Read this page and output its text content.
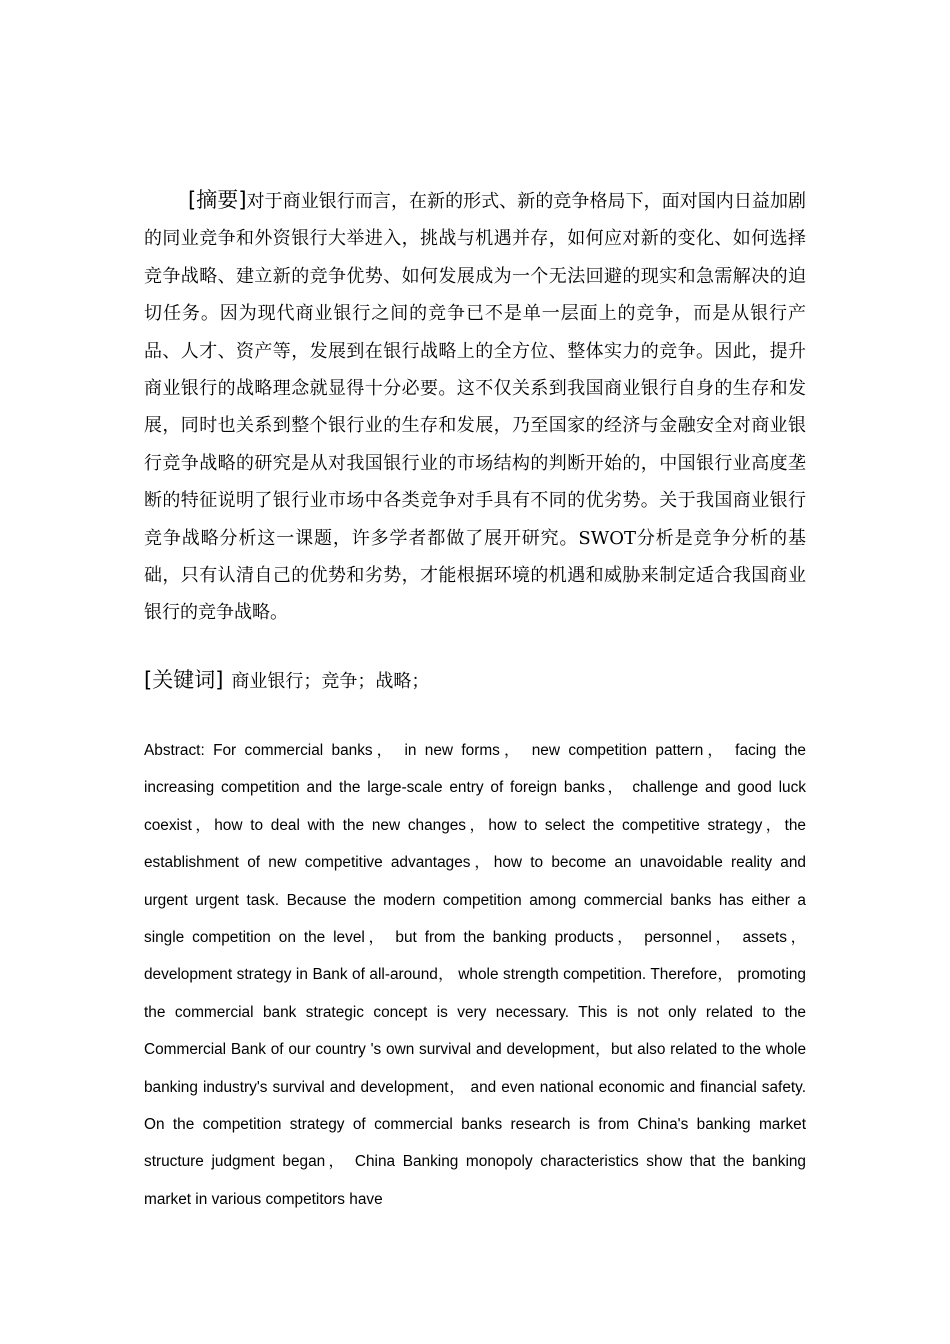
[摘要]对于商业银行而言，在新的形式、新的竞争格局下，面对国内日益加剧的同业竞争和外资银行大举进入，挑战与机遇并存，如何应对新的变化、如何选择竞争战略、建立新的竞争优势、如何发展成为一个无法回避的现实和急需解决的迫切任务。因为现代商业银行之间的竞争已不是单一层面上的竞争，而是从银行产品、人才、资产等，发展到在银行战略上的全方位、整体实力的竞争。因此，提升商业银行的战略理念就显得十分必要。这不仅关系到我国商业银行自身的生存和发展，同时也关系到整个银行业的生存和发展，乃至国家的经济与金融安全对商业银行竞争战略的研究是从对我国银行业的市场结构的判断开始的，中国银行业高度垄断的特征说明了银行业市场中各类竞争对手具有不同的优劣势。关于我国商业银行竞争战略分析这一课题，许多学者都做了展开研究。SWOT分析是竞争分析的基础，只有认清自己的优势和劣势，才能根据环境的机遇和威胁来制定适合我国商业银行的竞争战略。

[关键词] 商业银行；竞争；战略；

Abstract: For commercial banks， in new forms， new competition pattern， facing the increasing competition and the large-scale entry of foreign banks， challenge and good luck coexist，how to deal with the new changes，how to select the competitive strategy，the establishment of new competitive advantages，how to become an unavoidable reality and urgent urgent task. Because the modern competition among commercial banks has either a single competition on the level， but from the banking products， personnel， assets， development strategy in Bank of all-around， whole strength competition. Therefore， promoting the commercial bank strategic concept is very necessary. This is not only related to the Commercial Bank of our country 's own survival and development，but also related to the whole banking industry's survival and development， and even national economic and financial safety. On the competition strategy of commercial banks research is from China's banking market structure judgment began， China Banking monopoly characteristics show that the banking market in various competitors have
